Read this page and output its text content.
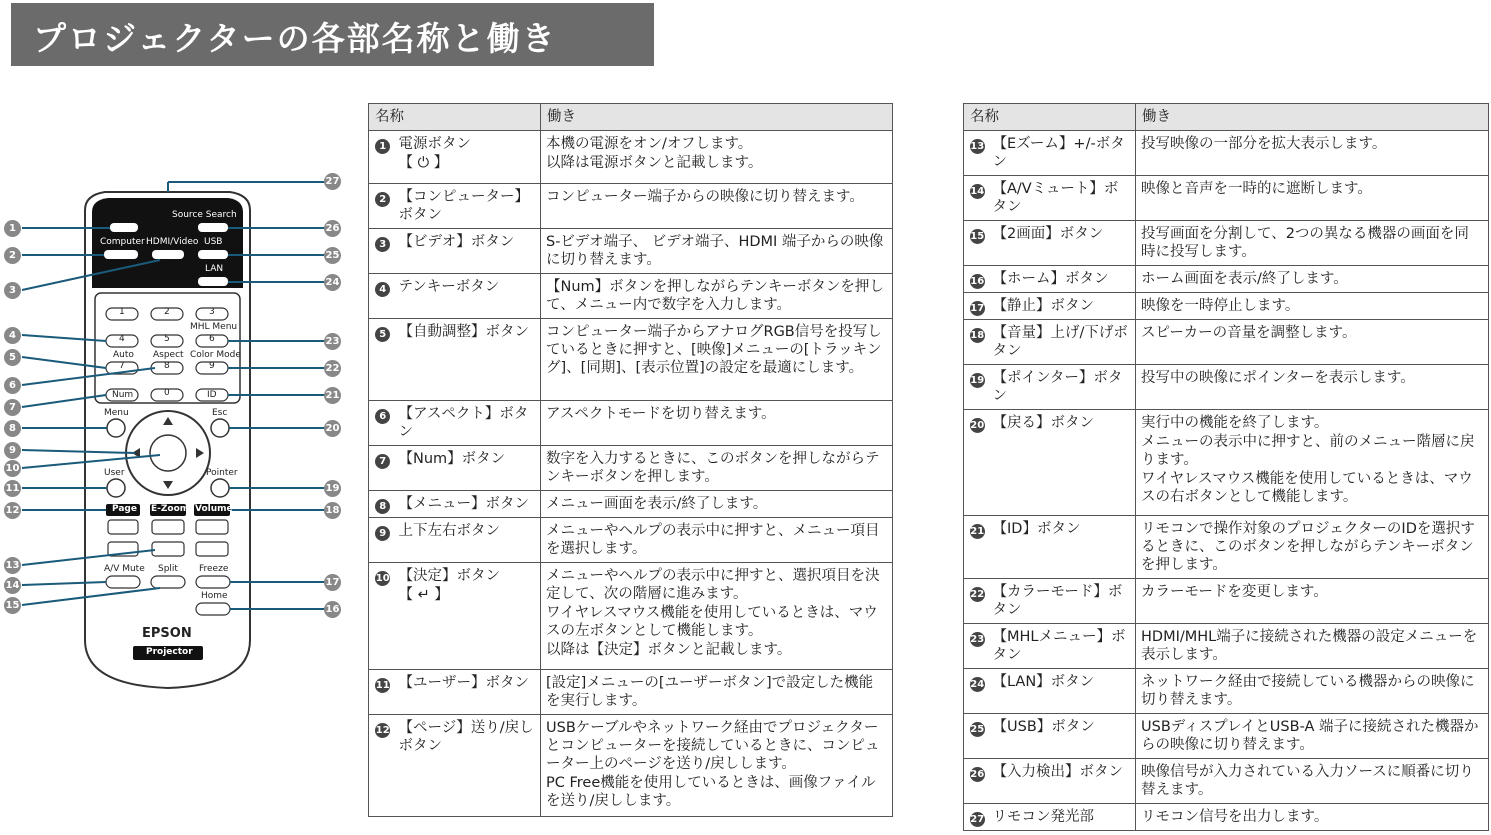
プロジェクターの各部名称と働き
Source Search
Computer HDMI/Video USB
LAN
MHL Menu
Auto Aspect Color Mode
Num	ID
Menu	Esc
User	Pointer
Page E-Zoom Volume
A/V Mute Split Freeze
Home
EPSON
Projector
1	2	3
4	5	6
7	8	9
0
1
2
3
4
5
6
7
8
9
10
11
12
13
14
15
27
26
25
24
23
22
21
20
19
18
17
16
名称		働き
1	電源ボタン
【 ⏻ 】	本機の電源をオン/オフします。
以降は電源ボタンと記載します。

2	【コンピューター】ボタン	コンピューター端子からの映像に切り替えます。
3	【ビデオ】ボタン	S-ビデオ端子、 ビデオ端子、HDMI 端子からの映像に切り替えます。
4	テンキーボタン	【Num】ボタンを押しながらテンキーボタンを押して、メニュー内で数字を入力します。
5	【自動調整】ボタン	コンピューター端子からアナログRGB信号を投写しているときに押すと、[映像]メニューの[トラッキング]、[同期]、[表示位置]の設定を最適にします。
6	【アスペクト】ボタン	アスペクトモードを切り替えます。
7	【Num】ボタン	数字を入力するときに、このボタンを押しながらテンキーボタンを押します。
8	【メニュー】ボタン	メニュー画面を表示/終了します。
9	上下左右ボタン	メニューやヘルプの表示中に押すと、メニュー項目を選択します。
10	【決定】ボタン
【 ↵ 】	メニューやヘルプの表示中に押すと、選択項目を決定して、次の階層に進みます。
ワイヤレスマウス機能を使用しているときは、マウスの左ボタンとして機能します。
以降は【決定】ボタンと記載します。

11	【ユーザー】ボタン	[設定]メニューの[ユーザーボタン]で設定した機能を実行します。
12	【ページ】送り/戻しボタン	USBケーブルやネットワーク経由でプロジェクターとコンピューターを接続しているときに、コンピューター上のページを送り/戻しします。
PC Free機能を使用しているときは、画像ファイルを送り/戻しします。
名称		働き
13	【Eズーム】+/-ボタン	投写映像の一部分を拡大表示します。
14	【A/Vミュート】ボタン	映像と音声を一時的に遮断します。
15	【2画面】ボタン	投写画面を分割して、2つの異なる機器の画面を同時に投写します。
16	【ホーム】ボタン	ホーム画面を表示/終了します。
17	【静止】ボタン	映像を一時停止します。
18	【音量】上げ/下げボタン	スピーカーの音量を調整します。
19	【ポインター】ボタン	投写中の映像にポインターを表示します。
20	【戻る】ボタン	実行中の機能を終了します。
メニューの表示中に押すと、前のメニュー階層に戻ります。
ワイヤレスマウス機能を使用しているときは、マウスの右ボタンとして機能します。

21	【ID】ボタン	リモコンで操作対象のプロジェクターのIDを選択するときに、このボタンを押しながらテンキーボタンを押します。
22	【カラーモード】ボタン	カラーモードを変更します。
23	【MHLメニュー】ボタン	HDMI/MHL端子に接続された機器の設定メニューを表示します。
24	【LAN】ボタン	ネットワーク経由で接続している機器からの映像に切り替えます。
25	【USB】ボタン	USBディスプレイとUSB-A 端子に接続された機器からの映像に切り替えます。
26	【入力検出】ボタン	映像信号が入力されている入力ソースに順番に切り替えます。
27	リモコン発光部	リモコン信号を出力します。
